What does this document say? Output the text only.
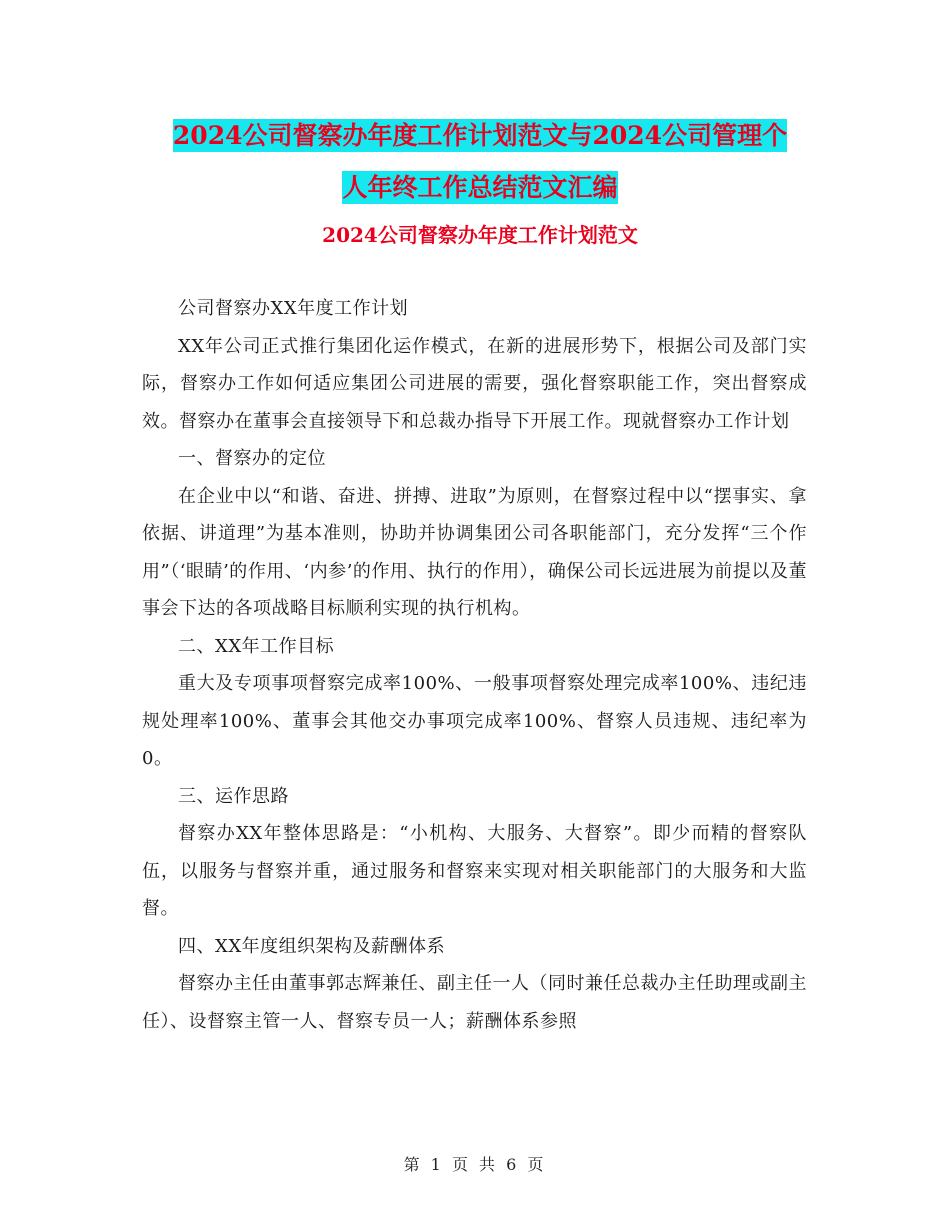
2024公司督察办年度工作计划范文与2024公司管理个
人年终工作总结范文汇编
2024公司督察办年度工作计划范文

公司督察办XX年度工作计划

XX年公司正式推行集团化运作模式，在新的进展形势下，根据公司及部门实际，督察办工作如何适应集团公司进展的需要，强化督察职能工作，突出督察成效。督察办在董事会直接领导下和总裁办指导下开展工作。现就督察办工作计划

一、督察办的定位

在企业中以“和谐、奋进、拼搏、进取”为原则，在督察过程中以“摆事实、拿依据、讲道理”为基本准则，协助并协调集团公司各职能部门，充分发挥“三个作用”（‘眼睛’的作用、‘内参’的作用、执行的作用），确保公司长远进展为前提以及董事会下达的各项战略目标顺利实现的执行机构。

二、XX年工作目标

重大及专项事项督察完成率100%、一般事项督察处理完成率100%、违纪违规处理率100%、董事会其他交办事项完成率100%、督察人员违规、违纪率为0。

三、运作思路

督察办XX年整体思路是：“小机构、大服务、大督察”。即少而精的督察队伍，以服务与督察并重，通过服务和督察来实现对相关职能部门的大服务和大监督。

四、XX年度组织架构及薪酬体系

督察办主任由董事郭志辉兼任、副主任一人（同时兼任总裁办主任助理或副主任）、设督察主管一人、督察专员一人；薪酬体系参照

第 1 页 共 6 页
